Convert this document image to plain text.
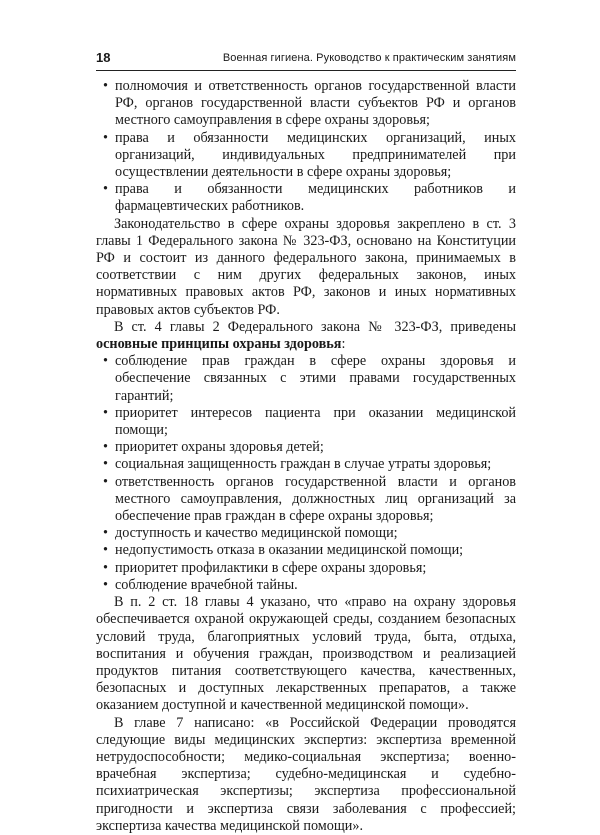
18	Военная гигиена. Руководство к практическим занятиям
• полномочия и ответственность органов государственной власти РФ, органов государственной власти субъектов РФ и органов местного самоуправления в сфере охраны здоровья;
• права и обязанности медицинских организаций, иных организаций, индивидуальных предпринимателей при осуществлении деятельности в сфере охраны здоровья;
• права и обязанности медицинских работников и фармацевтических работников.

Законодательство в сфере охраны здоровья закреплено в ст. 3 главы 1 Федерального закона № 323-ФЗ, основано на Конституции РФ и состоит из данного федерального закона, принимаемых в соответствии с ним других федеральных законов, иных нормативных правовых актов РФ, законов и иных нормативных правовых актов субъектов РФ.

В ст. 4 главы 2 Федерального закона № 323-ФЗ, приведены основные принципы охраны здоровья:

• соблюдение прав граждан в сфере охраны здоровья и обеспечение связанных с этими правами государственных гарантий;
• приоритет интересов пациента при оказании медицинской помощи;
• приоритет охраны здоровья детей;
• социальная защищенность граждан в случае утраты здоровья;
• ответственность органов государственной власти и органов местного самоуправления, должностных лиц организаций за обеспечение прав граждан в сфере охраны здоровья;
• доступность и качество медицинской помощи;
• недопустимость отказа в оказании медицинской помощи;
• приоритет профилактики в сфере охраны здоровья;
• соблюдение врачебной тайны.

В п. 2 ст. 18 главы 4 указано, что «право на охрану здоровья обеспечивается охраной окружающей среды, созданием безопасных условий труда, благоприятных условий труда, быта, отдыха, воспитания и обучения граждан, производством и реализацией продуктов питания соответствующего качества, качественных, безопасных и доступных лекарственных препаратов, а также оказанием доступной и качественной медицинской помощи».

В главе 7 написано: «в Российской Федерации проводятся следующие виды медицинских экспертиз: экспертиза временной нетрудоспособности; медико-социальная экспертиза; военно-врачебная экспертиза; судебно-медицинская и судебно-психиатрическая экспертизы; экспертиза профессиональной пригодности и экспертиза связи заболевания с профессией; экспертиза качества медицинской помощи».
